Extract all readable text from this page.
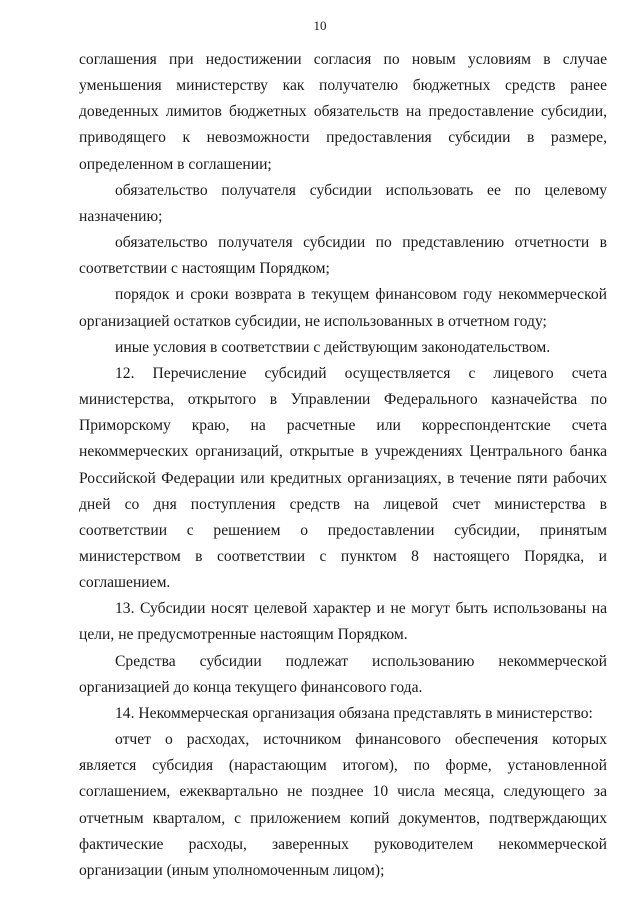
10

соглашения при недостижении согласия по новым условиям в случае уменьшения министерству как получателю бюджетных средств ранее доведенных лимитов бюджетных обязательств на предоставление субсидии, приводящего к невозможности предоставления субсидии в размере, определенном в соглашении;

обязательство получателя субсидии использовать ее по целевому назначению;

обязательство получателя субсидии по представлению отчетности в соответствии с настоящим Порядком;

порядок и сроки возврата в текущем финансовом году некоммерческой организацией остатков субсидии, не использованных в отчетном году;

иные условия в соответствии с действующим законодательством.

12. Перечисление субсидий осуществляется с лицевого счета министерства, открытого в Управлении Федерального казначейства по Приморскому краю, на расчетные или корреспондентские счета некоммерческих организаций, открытые в учреждениях Центрального банка Российской Федерации или кредитных организациях, в течение пяти рабочих дней со дня поступления средств на лицевой счет министерства в соответствии с решением о предоставлении субсидии, принятым министерством в соответствии с пунктом 8 настоящего Порядка, и соглашением.

13. Субсидии носят целевой характер и не могут быть использованы на цели, не предусмотренные настоящим Порядком.

Средства субсидии подлежат использованию некоммерческой организацией до конца текущего финансового года.

14. Некоммерческая организация обязана представлять в министерство:

отчет о расходах, источником финансового обеспечения которых является субсидия (нарастающим итогом), по форме, установленной соглашением, ежеквартально не позднее 10 числа месяца, следующего за отчетным кварталом, с приложением копий документов, подтверждающих фактические расходы, заверенных руководителем некоммерческой организации (иным уполномоченным лицом);
